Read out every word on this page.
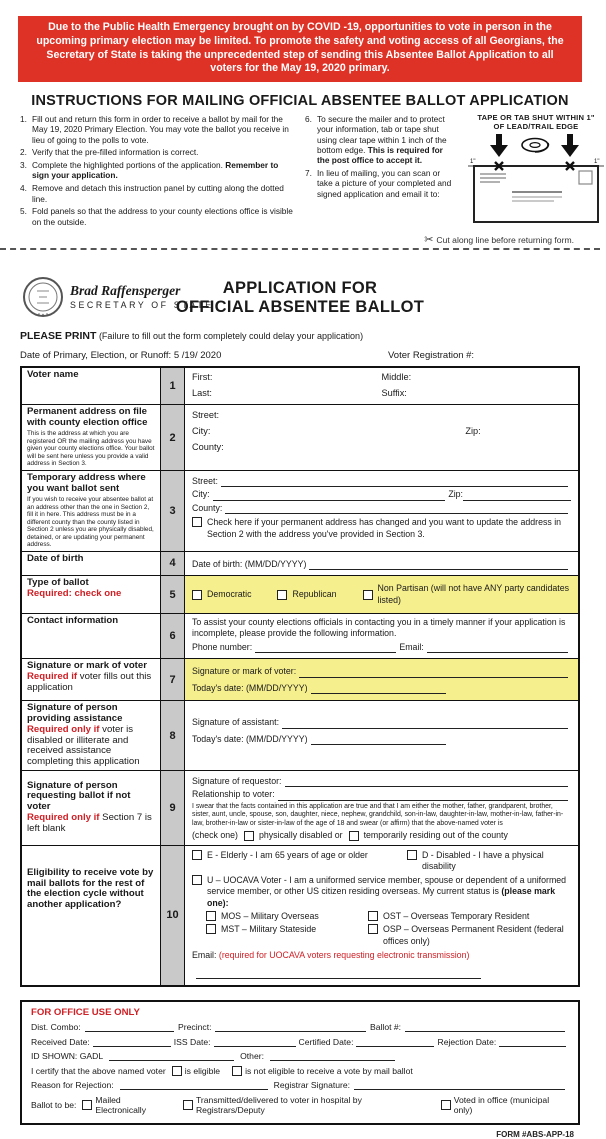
Due to the Public Health Emergency brought on by COVID -19, opportunities to vote in person in the upcoming primary election may be limited. To promote the safety and voting access of all Georgians, the Secretary of State is taking the unprecedented step of sending this Absentee Ballot Application to all voters for the May 19, 2020 primary.
INSTRUCTIONS FOR MAILING OFFICIAL ABSENTEE BALLOT APPLICATION
1. Fill out and return this form in order to receive a ballot by mail for the May 19, 2020 Primary Election. You may vote the ballot you receive in lieu of going to the polls to vote.
2. Verify that the pre-filled information is correct.
3. Complete the highlighted portions of the application. Remember to sign your application.
4. Remove and detach this instruction panel by cutting along the dotted line.
5. Fold panels so that the address to your county elections office is visible on the outside.
6. To secure the mailer and to protect your information, tab or tape shut using clear tape within 1 inch of the bottom edge. This is required for the post office to accept it.
7. In lieu of mailing, you can scan or take a picture of your completed and signed application and email it to:
TAPE OR TAB SHUT WITHIN 1"
OF LEAD/TRAIL EDGE
1"	1"
✂ Cut along line before returning form.
Brad Raffensperger
SECRETARY OF STATE
APPLICATION FOR
OFFICIAL ABSENTEE BALLOT
PLEASE PRINT (Failure to fill out the form completely could delay your application)
Date of Primary, Election, or Runoff: 5 /19/ 2020	Voter Registration #:
Voter name
1
First:	Middle:
Last:	Suffix:
Permanent address on file with county election office
This is the address at which you are registered OR the mailing address you have given your county elections office. Your ballot will be sent here unless you provide a valid address in Section 3.
2
Street:
City:	Zip:
County:
Temporary address where you want ballot sent
If you wish to receive your absentee ballot at an address other than the one in Section 2, fill it in here. This address must be in a different county than the county listed in Section 2 unless you are physically disabled, detained, or are updating your permanent address.
3
Street:
City:	Zip:
County:
Check here if your permanent address has changed and you want to update the address in Section 2 with the address you've provided in Section 3.
Date of birth	4	Date of birth: (MM/DD/YYYY)
Type of ballot
Required: check one	5	Democratic	Republican
Non Partisan (will not have ANY party candidates listed)
Contact information
6
To assist your county elections officials in contacting you in a timely manner if your application is incomplete, please provide the following information.
Phone number:	Email:
Signature or mark of voter
Required if voter fills out this application
7
Signature or mark of voter:
Today's date: (MM/DD/YYYY)
Signature of person providing assistance
Required only if voter is disabled or illiterate and received assistance completing this application
8
Signature of assistant:
Today's date: (MM/DD/YYYY)
Signature of person requesting ballot if not voter
Required only if Section 7 is left blank
9
Signature of requestor:
Relationship to voter:
I swear that the facts contained in this application are true and that I am either the mother, father, grandparent, brother, sister, aunt, uncle, spouse, son, daughter, niece, nephew, grandchild, son-in-law, daughter-in-law, mother-in-law, father-in-law, brother-in-law or sister-in-law of the age of 18 and swear (or affirm) that the above-named voter is
(check one) physically disabled or temporarily residing out of the county
Eligibility to receive vote by mail ballots for the rest of the election cycle without another application?
10
E - Elderly - I am 65 years of age or older	D - Disabled - I have a physical disability
U – UOCAVA Voter - I am a uniformed service member, spouse or dependent of a uniformed service member, or other US citizen residing overseas. My current status is (please mark one):
MOS – Military Overseas	OST – Overseas Temporary Resident
MST – Military Stateside	OSP – Overseas Permanent Resident (federal offices only)
Email: (required for UOCAVA voters requesting electronic transmission)
FOR OFFICE USE ONLY
Dist. Combo:	Precinct:	Ballot #:
Received Date:	ISS Date:	Certified Date:	Rejection Date:
ID SHOWN: GADL	Other:
I certify that the above named voter is eligible	is not eligible to receive a vote by mail ballot
Reason for Rejection:	Registrar Signature:
Ballot to be: Mailed Electronically
Transmitted/delivered to voter in hospital by Registrars/Deputy
Voted in office (municipal only)
FORM #ABS-APP-18
